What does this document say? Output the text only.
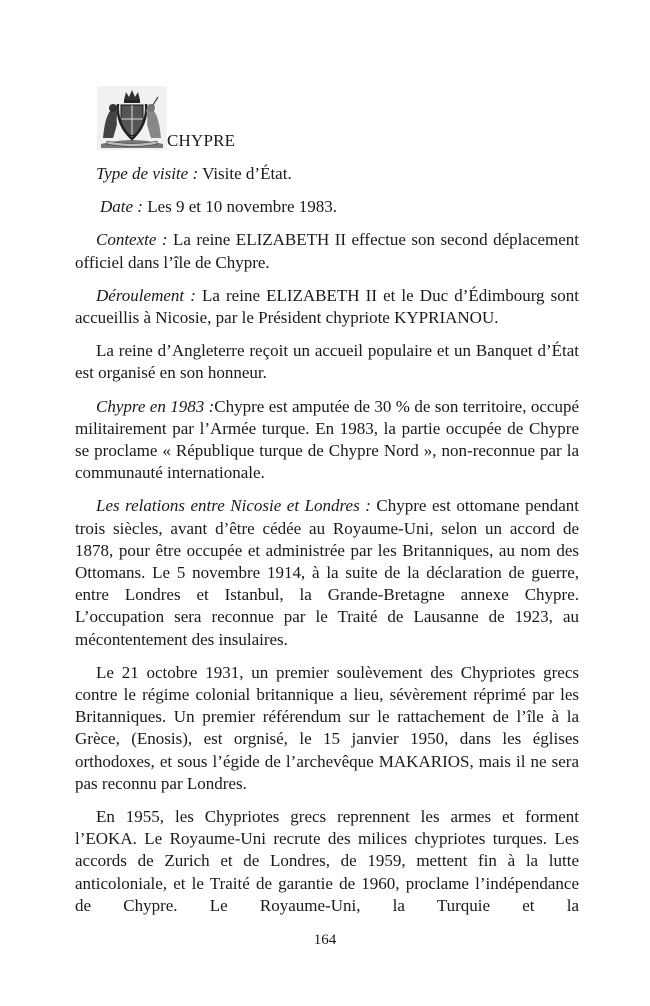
CHYPRE

Type de visite : Visite d’État.

Date : Les 9 et 10 novembre 1983.

Contexte : La reine ELIZABETH II effectue son second déplacement officiel dans l’île de Chypre.

Déroulement : La reine ELIZABETH II et le Duc d’Édimbourg sont accueillis à Nicosie, par le Président chypriote KYPRIANOU.

La reine d’Angleterre reçoit un accueil populaire et un Banquet d’État est organisé en son honneur.

Chypre en 1983 :Chypre est amputée de 30 % de son territoire, occupé militairement par l’Armée turque. En 1983, la partie occupée de Chypre se proclame « République turque de Chypre Nord », non-reconnue par la communauté internationale.

Les relations entre Nicosie et Londres : Chypre est ottomane pendant trois siècles, avant d’être cédée au Royaume-Uni, selon un accord de 1878, pour être occupée et administrée par les Britanniques, au nom des Ottomans. Le 5 novembre 1914, à la suite de la déclaration de guerre, entre Londres et Istanbul, la Grande-Bretagne annexe Chypre. L’occupation sera reconnue par le Traité de Lausanne de 1923, au mécontentement des insulaires.

Le 21 octobre 1931, un premier soulèvement des Chypriotes grecs contre le régime colonial britannique a lieu, sévèrement réprimé par les Britanniques. Un premier référendum sur le rattachement de l’île à la Grèce, (Enosis), est orgnisé, le 15 janvier 1950, dans les églises orthodoxes, et sous l’égide de l’archevêque MAKARIOS, mais il ne sera pas reconnu par Londres.

En 1955, les Chypriotes grecs reprennent les armes et forment l’EOKA. Le Royaume-Uni recrute des milices chypriotes turques. Les accords de Zurich et de Londres, de 1959, mettent fin à la lutte anticoloniale, et le Traité de garantie de 1960, proclame l’indépendance de Chypre. Le Royaume-Uni, la Turquie et la

164
